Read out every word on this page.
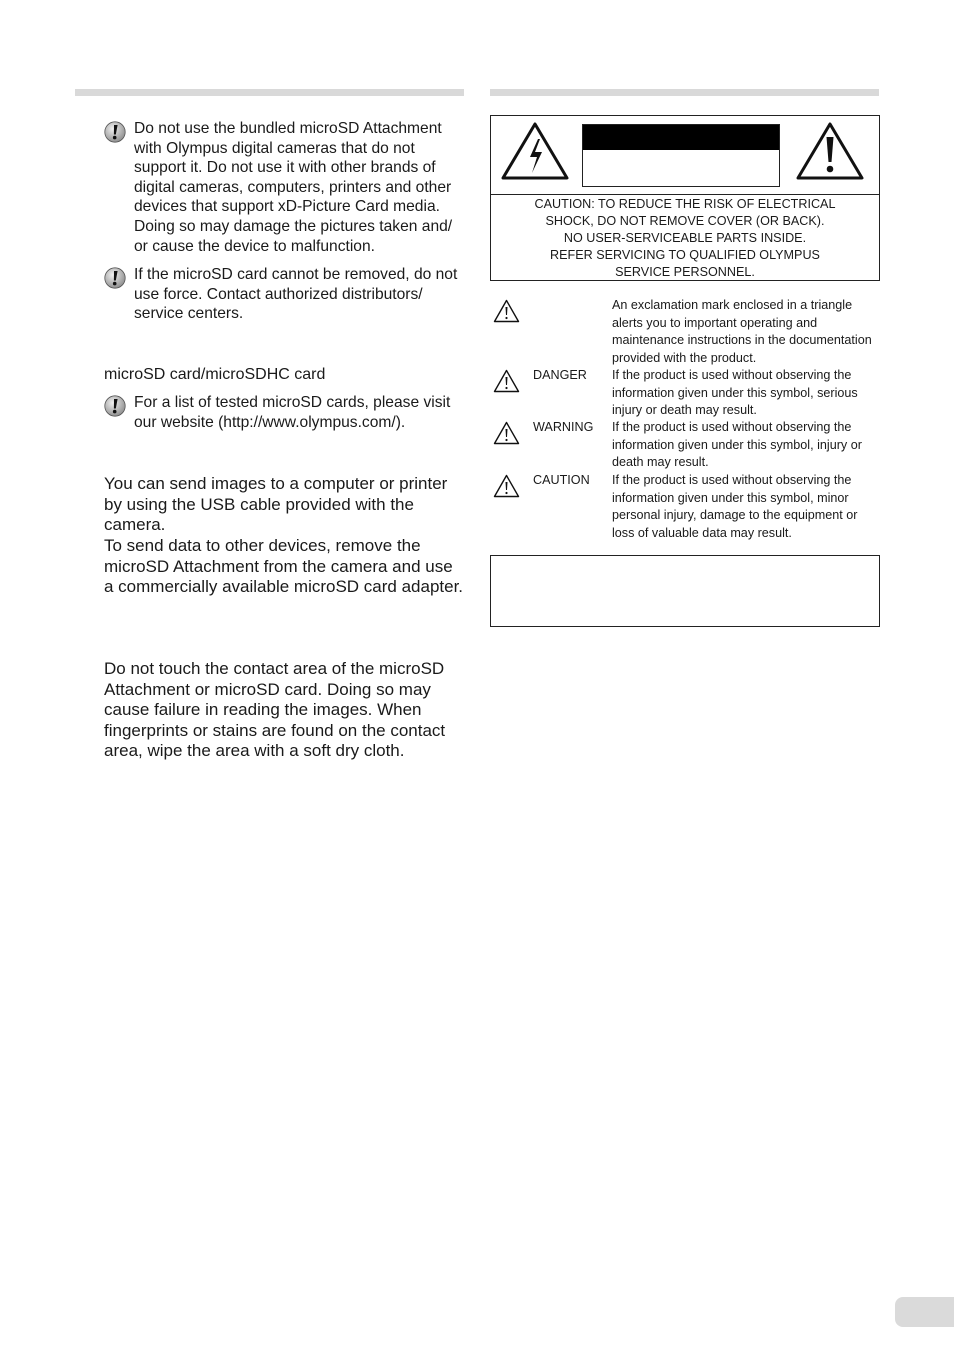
Do not use the bundled microSD Attachment with Olympus digital cameras that do not support it. Do not use it with other brands of digital cameras, computers, printers and other devices that support xD-Picture Card media. Doing so may damage the pictures taken and/ or cause the device to malfunction.

If the microSD card cannot be removed, do not use force. Contact authorized distributors/ service centers.

microSD card/microSDHC card

For a list of tested microSD cards, please visit our website (http://www.olympus.com/).

You can send images to a computer or printer by using the USB cable provided with the camera.

To send data to other devices, remove the microSD Attachment from the camera and use a commercially available microSD card adapter.

Do not touch the contact area of the microSD Attachment or microSD card. Doing so may cause failure in reading the images. When fingerprints or stains are found on the contact area, wipe the area with a soft dry cloth.

CAUTION: TO REDUCE THE RISK OF ELECTRICAL
SHOCK, DO NOT REMOVE COVER (OR BACK).
NO USER-SERVICEABLE PARTS INSIDE.
REFER SERVICING TO QUALIFIED OLYMPUS
SERVICE PERSONNEL.
An exclamation mark enclosed in a triangle alerts you to important operating and maintenance instructions in the documentation provided with the product.
DANGER If the product is used without observing the information given under this symbol, serious injury or death may result.
WARNING If the product is used without observing the information given under this symbol, injury or death may result.
CAUTION If the product is used without observing the information given under this symbol, minor personal injury, damage to the equipment or loss of valuable data may result.
